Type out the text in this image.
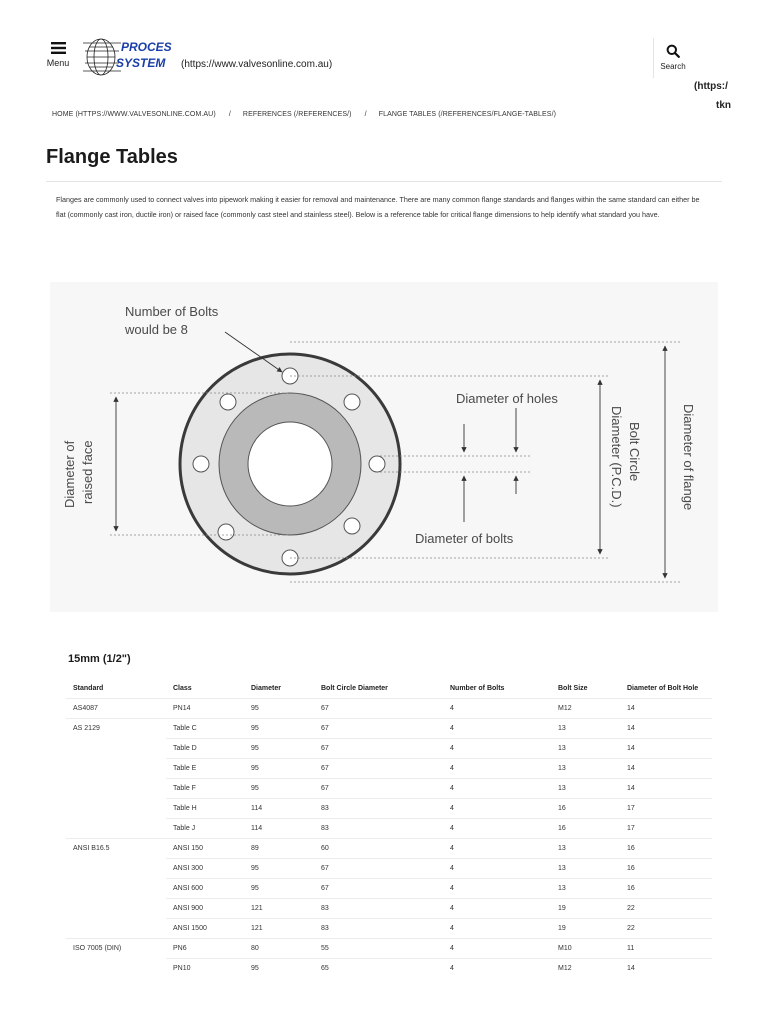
Menu
PROCES
SYSTEM (https://www.valvesonline.com.au)	Search
(https:/
tkn
HOME (HTTPS://WWW.VALVESONLINE.COM.AU) / REFERENCES (/REFERENCES/) / FLANGE TABLES (/REFERENCES/FLANGE-TABLES/)
Flange Tables

Flanges are commonly used to connect valves into pipework making it easier for removal and maintenance. There are many common flange standards and flanges within the same standard can either be flat (commonly cast iron, ductile iron) or raised face (commonly cast steel and stainless steel). Below is a reference table for critical flange dimensions to help identify what standard you have.

Number of Bolts
would be 8
Diameter of holes
Diameter of bolts
Bolt Circle
Diameter (P.C.D.)	Diameter of flange
Diameter of raised face
15mm (1/2")
Standard	Class	Diameter	Bolt Circle Diameter	Number of Bolts	Bolt Size	Diameter of Bolt Hole
AS4087	PN14	95	67	4	M12	14
AS 2129	Table C	95	67	4	13	14
	Table D	95	67	4	13	14
	Table E	95	67	4	13	14
	Table F	95	67	4	13	14
	Table H	114	83	4	16	17
	Table J	114	83	4	16	17
ANSI B16.5	ANSI 150	89	60	4	13	16
	ANSI 300	95	67	4	13	16
	ANSI 600	95	67	4	13	16
	ANSI 900	121	83	4	19	22
	ANSI 1500	121	83	4	19	22
ISO 7005 (DIN)	PN6	80	55	4	M10	11
	PN10	95	65	4	M12	14
